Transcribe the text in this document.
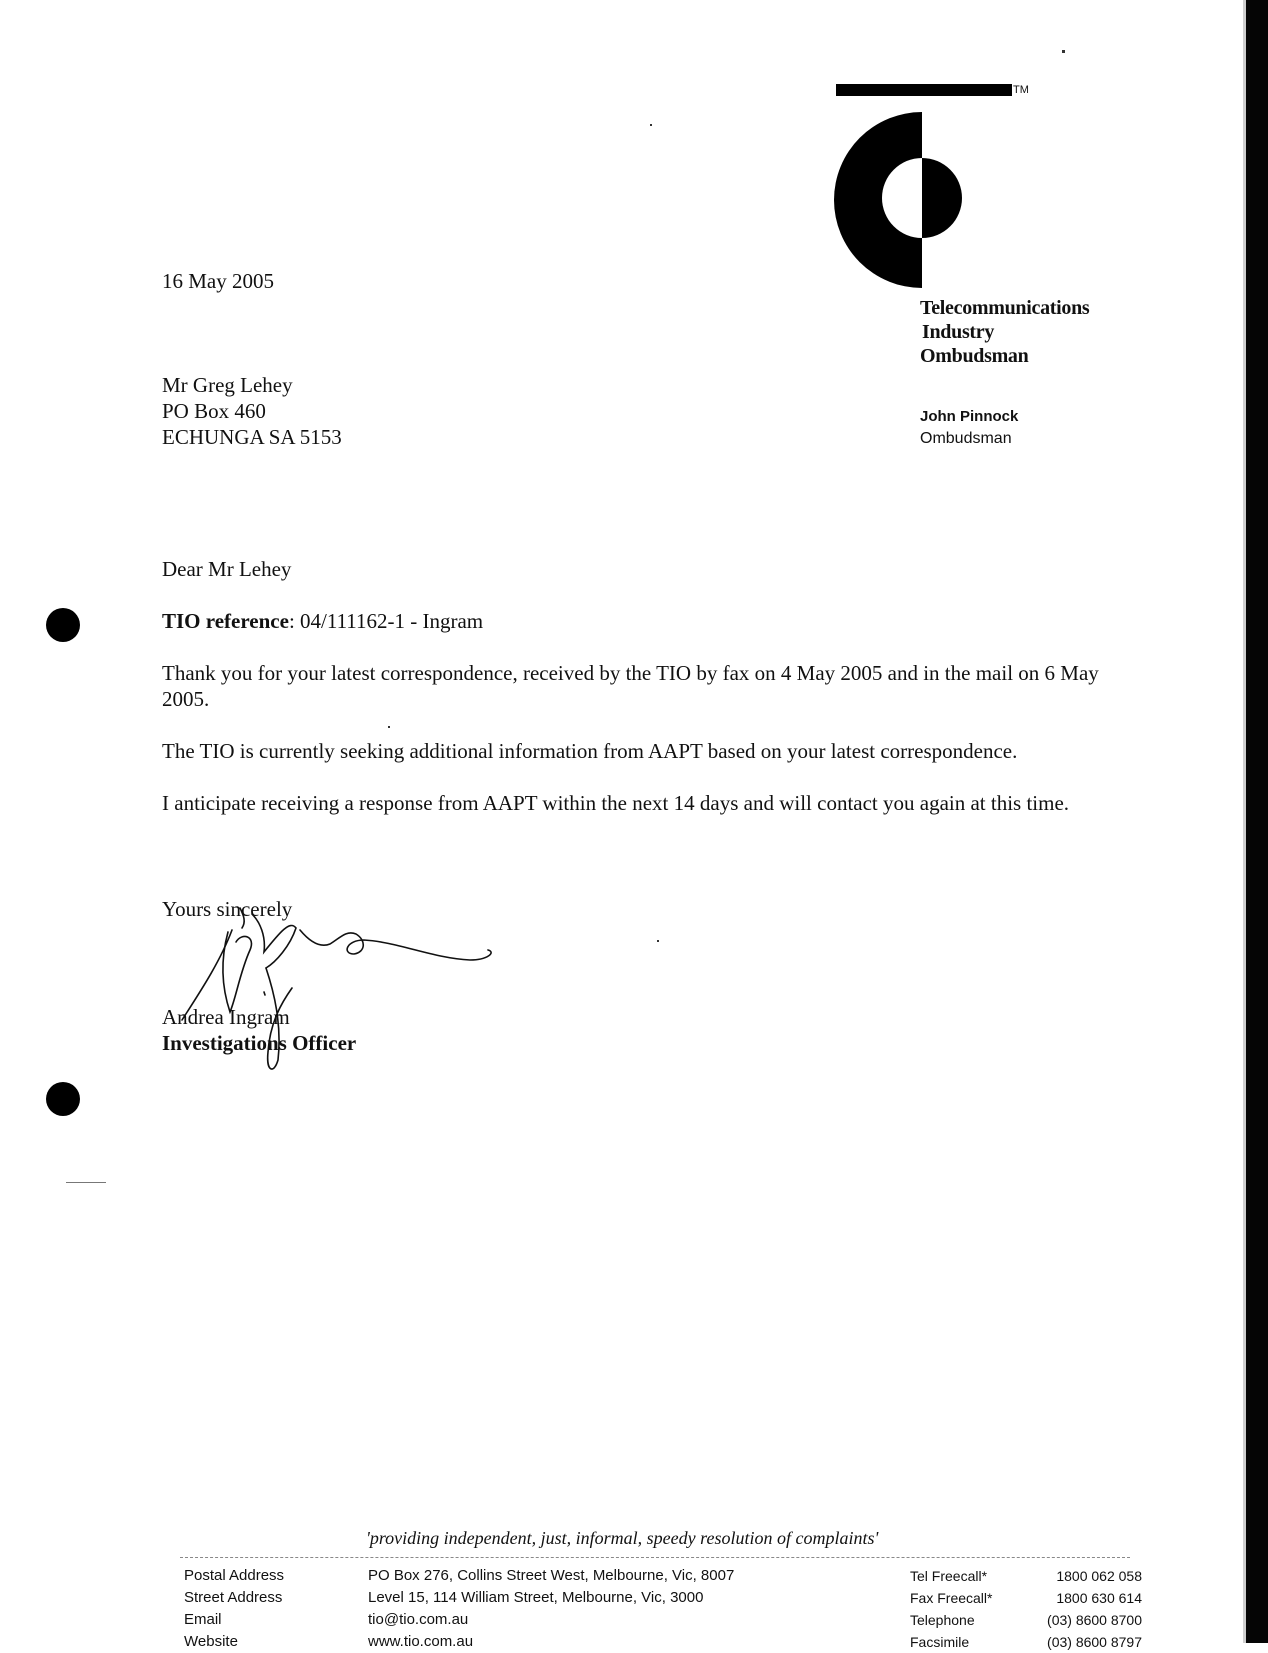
TM
Telecommunications
Industry
Ombudsman
John Pinnock
Ombudsman
16 May 2005
Mr Greg Lehey
PO Box 460
ECHUNGA SA 5153
Dear Mr Lehey
TIO reference: 04/111162-1 - Ingram
Thank you for your latest correspondence, received by the TIO by fax on 4 May 2005 and in the mail on 6 May 2005.
The TIO is currently seeking additional information from AAPT based on your latest correspondence.
I anticipate receiving a response from AAPT within the next 14 days and will contact you again at this time.
Yours sincerely
Andrea Ingram
Investigations Officer
'providing independent, just, informal, speedy resolution of complaints'
Postal Address	PO Box 276, Collins Street West, Melbourne, Vic, 8007	Tel Freecall*	1800 062 058
Street Address	Level 15, 114 William Street, Melbourne, Vic, 3000	Fax Freecall*	1800 630 614
Email	tio@tio.com.au	Telephone	(03) 8600 8700
Website	www.tio.com.au	Facsimile	(03) 8600 8797
